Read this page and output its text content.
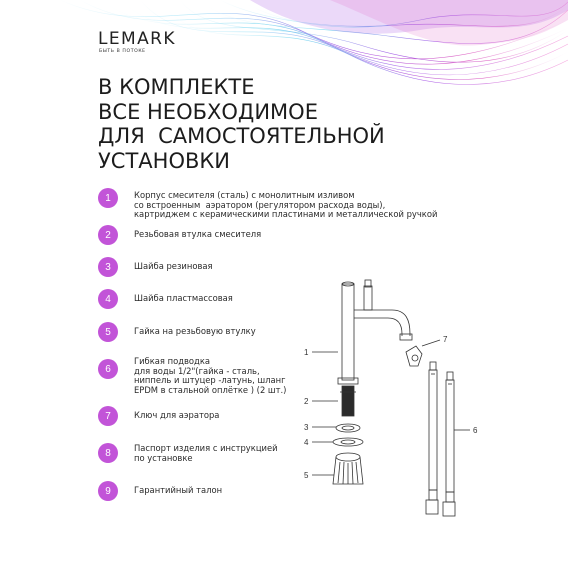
LEMARK
БЫТЬ В ПОТОКЕ
В КОМПЛЕКТЕ
ВСЕ НЕОБХОДИМОЕ
ДЛЯ  САМОСТОЯТЕЛЬНОЙ
УСТАНОВКИ
1	Корпус смесителя (сталь) с монолитным изливом
со встроенным  аэратором (регулятором расхода воды),
картриджем с керамическими пластинами и металлической ручкой
2	Резьбовая втулка смесителя
3	Шайба резиновая
4	Шайба пластмассовая
5	Гайка на резьбовую втулку
6
Гибкая подводка
для воды 1/2"(гайка - сталь,
ниппель и штуцер -латунь, шланг
EPDM в стальной оплётке ) (2 шт.)
7	Ключ для аэратора
8	Паспорт изделия с инструкцией
по установке
9	Гарантийный талон
1
2
3
4
5
6
7
